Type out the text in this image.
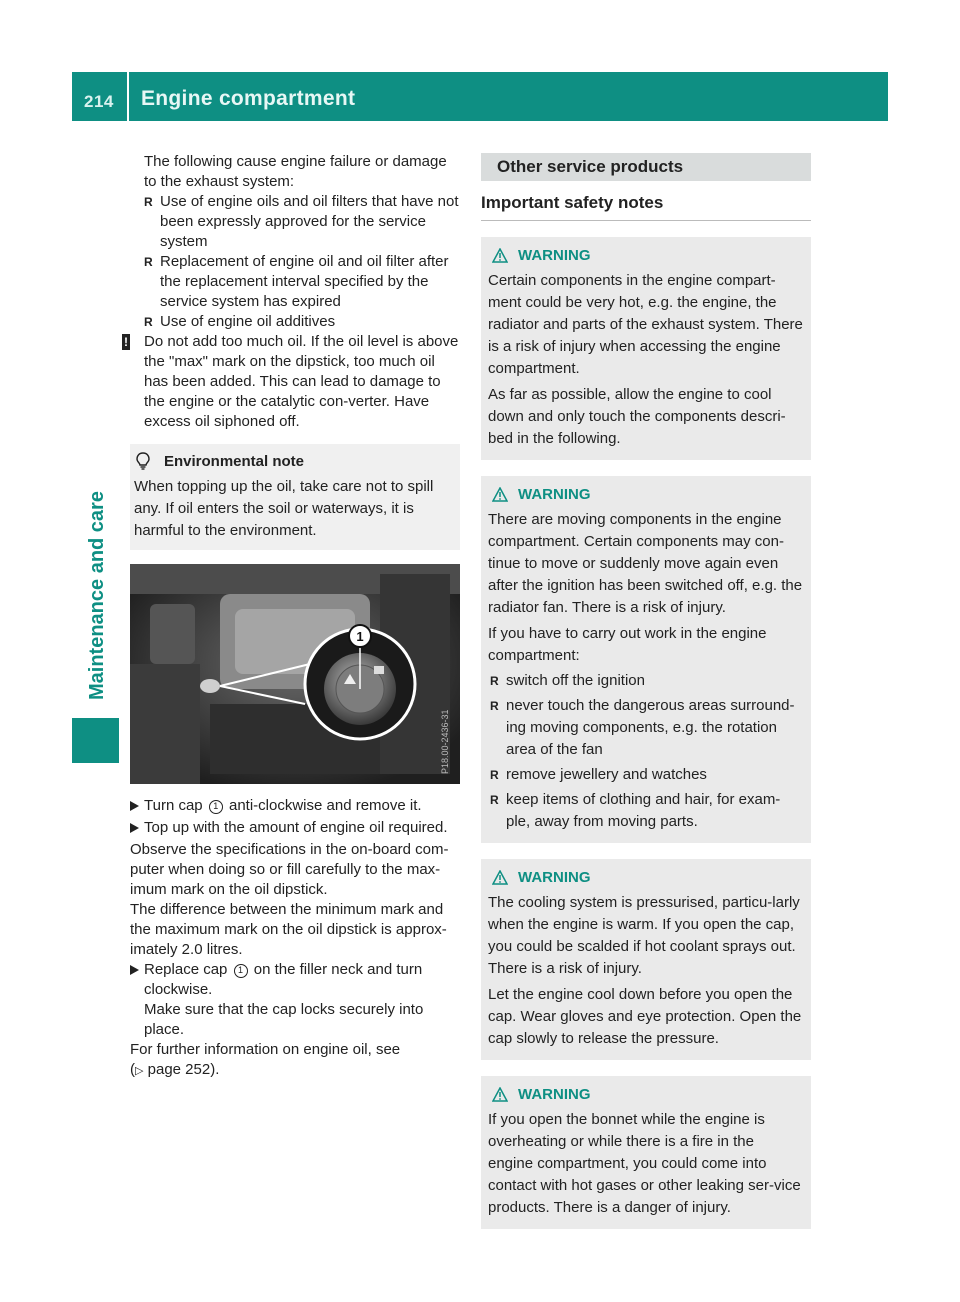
214 Engine compartment
Maintenance and care

The following cause engine failure or damage to the exhaust system:

R Use of engine oils and oil filters that have not been expressly approved for the service system
R Replacement of engine oil and oil filter after the replacement interval specified by the service system has expired
R Use of engine oil additives
! Do not add too much oil. If the oil level is above the "max" mark on the dipstick, too much oil has been added. This can lead to damage to the engine or the catalytic con-verter. Have excess oil siphoned off.
Environmental note

When topping up the oil, take care not to spill any. If oil enters the soil or waterways, it is harmful to the environment.

1
P18.00-2436-31
Turn cap 1 anti-clockwise and remove it.
Top up with the amount of engine oil required.

Observe the specifications in the on-board com-puter when doing so or fill carefully to the max-imum mark on the oil dipstick.

The difference between the minimum mark and the maximum mark on the oil dipstick is approx-imately 2.0 litres.

Replace cap 1 on the filler neck and turn clockwise.

Make sure that the cap locks securely into place.

For further information on engine oil, see

(▷ page 252).

Other service products
Important safety notes
WARNING

Certain components in the engine compart-ment could be very hot, e.g. the engine, the radiator and parts of the exhaust system. There is a risk of injury when accessing the engine compartment.

As far as possible, allow the engine to cool down and only touch the components descri-bed in the following.

WARNING

There are moving components in the engine compartment. Certain components may con-tinue to move or suddenly move again even after the ignition has been switched off, e.g. the radiator fan. There is a risk of injury.

If you have to carry out work in the engine compartment:

R switch off the ignition
R never touch the dangerous areas surround-ing moving components, e.g. the rotation area of the fan
R remove jewellery and watches
R keep items of clothing and hair, for exam-ple, away from moving parts.
WARNING

The cooling system is pressurised, particu-larly when the engine is warm. If you open the cap, you could be scalded if hot coolant sprays out. There is a risk of injury.

Let the engine cool down before you open the cap. Wear gloves and eye protection. Open the cap slowly to release the pressure.

WARNING

If you open the bonnet while the engine is overheating or while there is a fire in the engine compartment, you could come into contact with hot gases or other leaking ser-vice products. There is a danger of injury.
